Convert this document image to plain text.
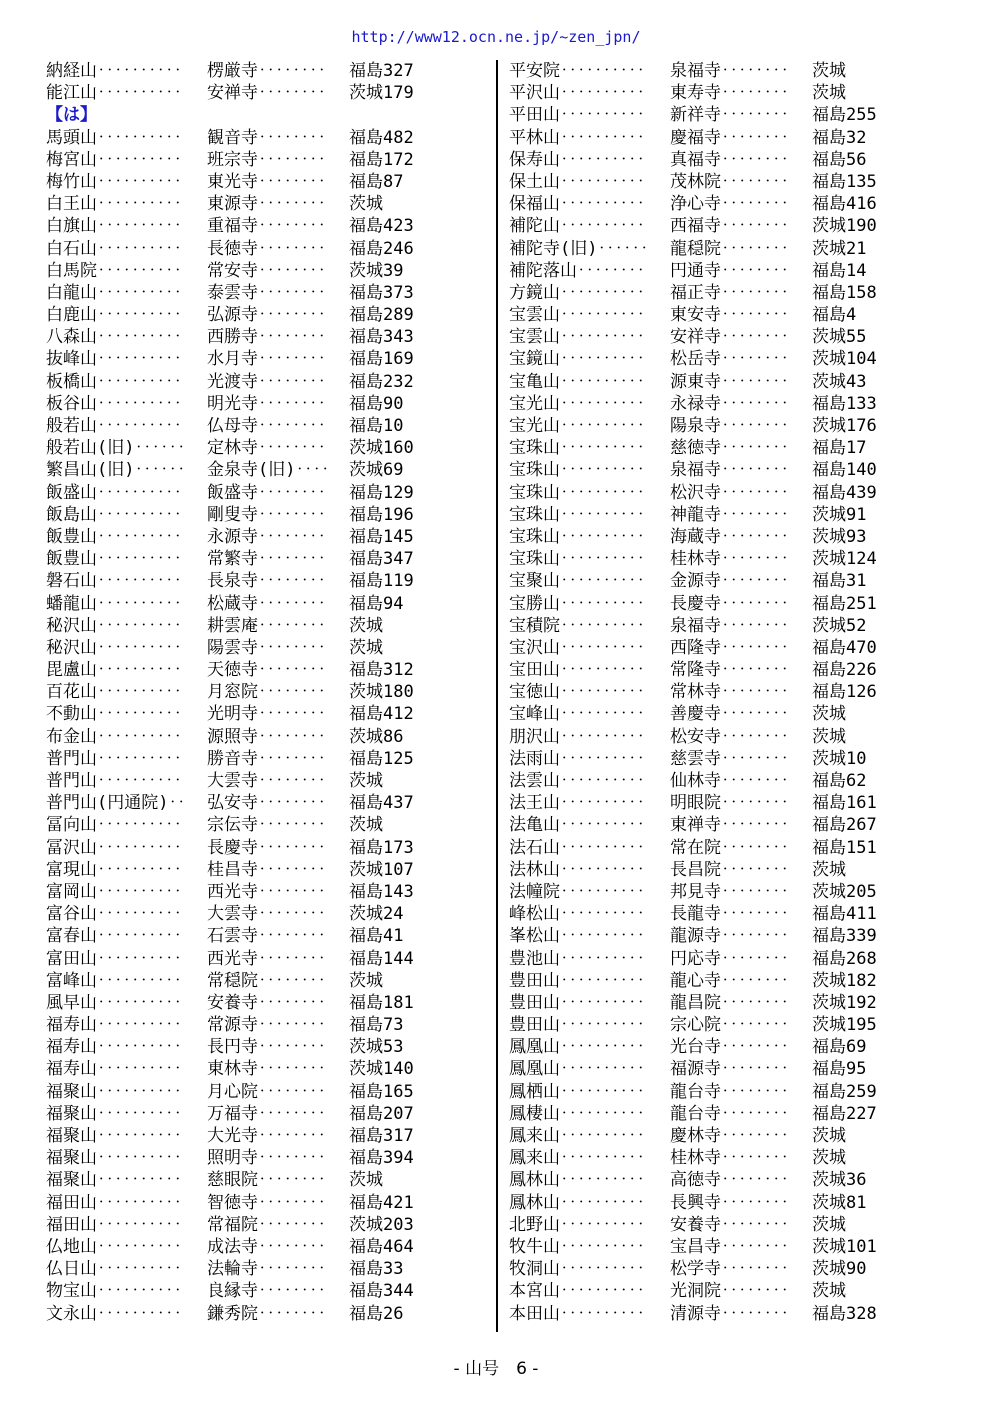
http://www12.ocn.ne.jp/~zen_jpn/
納経山‥‥‥‥‥ 楞厳寺‥‥‥‥ 福島327
能江山‥‥‥‥‥ 安禅寺‥‥‥‥ 茨城179
【は】
馬頭山‥‥‥‥‥ 観音寺‥‥‥‥ 福島482
梅宮山‥‥‥‥‥ 班宗寺‥‥‥‥ 福島172
梅竹山‥‥‥‥‥ 東光寺‥‥‥‥ 福島87
白王山‥‥‥‥‥ 東源寺‥‥‥‥ 茨城
白旗山‥‥‥‥‥ 重福寺‥‥‥‥ 福島423
白石山‥‥‥‥‥ 長徳寺‥‥‥‥ 福島246
白馬院‥‥‥‥‥ 常安寺‥‥‥‥ 茨城39
白龍山‥‥‥‥‥ 泰雲寺‥‥‥‥ 福島373
白鹿山‥‥‥‥‥ 弘源寺‥‥‥‥ 福島289
八森山‥‥‥‥‥ 西勝寺‥‥‥‥ 福島343
抜峰山‥‥‥‥‥ 水月寺‥‥‥‥ 福島169
板橋山‥‥‥‥‥ 光渡寺‥‥‥‥ 福島232
板谷山‥‥‥‥‥ 明光寺‥‥‥‥ 福島90
般若山‥‥‥‥‥ 仏母寺‥‥‥‥ 福島10
般若山(旧)‥‥‥ 定林寺‥‥‥‥ 茨城160
繁昌山(旧)‥‥‥ 金泉寺(旧)‥‥ 茨城69
飯盛山‥‥‥‥‥ 飯盛寺‥‥‥‥ 福島129
飯島山‥‥‥‥‥ 剛叟寺‥‥‥‥ 福島196
飯豊山‥‥‥‥‥ 永源寺‥‥‥‥ 福島145
飯豊山‥‥‥‥‥ 常繁寺‥‥‥‥ 福島347
磐石山‥‥‥‥‥ 長泉寺‥‥‥‥ 福島119
蟠龍山‥‥‥‥‥ 松蔵寺‥‥‥‥ 福島94
秘沢山‥‥‥‥‥ 耕雲庵‥‥‥‥ 茨城
秘沢山‥‥‥‥‥ 陽雲寺‥‥‥‥ 茨城
毘盧山‥‥‥‥‥ 天徳寺‥‥‥‥ 福島312
百花山‥‥‥‥‥ 月窓院‥‥‥‥ 茨城180
不動山‥‥‥‥‥ 光明寺‥‥‥‥ 福島412
布金山‥‥‥‥‥ 源照寺‥‥‥‥ 茨城86
普門山‥‥‥‥‥ 勝音寺‥‥‥‥ 福島125
普門山‥‥‥‥‥ 大雲寺‥‥‥‥ 茨城
普門山(円通院)‥ 弘安寺‥‥‥‥ 福島437
冨向山‥‥‥‥‥ 宗伝寺‥‥‥‥ 茨城
冨沢山‥‥‥‥‥ 長慶寺‥‥‥‥ 福島173
富現山‥‥‥‥‥ 桂昌寺‥‥‥‥ 茨城107
富岡山‥‥‥‥‥ 西光寺‥‥‥‥ 福島143
富谷山‥‥‥‥‥ 大雲寺‥‥‥‥ 茨城24
富春山‥‥‥‥‥ 石雲寺‥‥‥‥ 福島41
富田山‥‥‥‥‥ 西光寺‥‥‥‥ 福島144
富峰山‥‥‥‥‥ 常穏院‥‥‥‥ 茨城
風早山‥‥‥‥‥ 安養寺‥‥‥‥ 福島181
福寿山‥‥‥‥‥ 常源寺‥‥‥‥ 福島73
福寿山‥‥‥‥‥ 長円寺‥‥‥‥ 茨城53
福寿山‥‥‥‥‥ 東林寺‥‥‥‥ 茨城140
福聚山‥‥‥‥‥ 月心院‥‥‥‥ 福島165
福聚山‥‥‥‥‥ 万福寺‥‥‥‥ 福島207
福聚山‥‥‥‥‥ 大光寺‥‥‥‥ 福島317
福聚山‥‥‥‥‥ 照明寺‥‥‥‥ 福島394
福聚山‥‥‥‥‥ 慈眼院‥‥‥‥ 茨城
福田山‥‥‥‥‥ 智徳寺‥‥‥‥ 福島421
福田山‥‥‥‥‥ 常福院‥‥‥‥ 茨城203
仏地山‥‥‥‥‥ 成法寺‥‥‥‥ 福島464
仏日山‥‥‥‥‥ 法輪寺‥‥‥‥ 福島33
物宝山‥‥‥‥‥ 良縁寺‥‥‥‥ 福島344
文永山‥‥‥‥‥ 鎌秀院‥‥‥‥ 福島26
平安院‥‥‥‥‥ 泉福寺‥‥‥‥ 茨城
平沢山‥‥‥‥‥ 東寿寺‥‥‥‥ 茨城
平田山‥‥‥‥‥ 新祥寺‥‥‥‥ 福島255
平林山‥‥‥‥‥ 慶福寺‥‥‥‥ 福島32
保寿山‥‥‥‥‥ 真福寺‥‥‥‥ 福島56
保土山‥‥‥‥‥ 茂林院‥‥‥‥ 福島135
保福山‥‥‥‥‥ 浄心寺‥‥‥‥ 福島416
補陀山‥‥‥‥‥ 西福寺‥‥‥‥ 茨城190
補陀寺(旧)‥‥‥ 龍穏院‥‥‥‥ 茨城21
補陀落山‥‥‥‥ 円通寺‥‥‥‥ 福島14
方鏡山‥‥‥‥‥ 福正寺‥‥‥‥ 福島158
宝雲山‥‥‥‥‥ 東安寺‥‥‥‥ 福島4
宝雲山‥‥‥‥‥ 安祥寺‥‥‥‥ 茨城55
宝鏡山‥‥‥‥‥ 松岳寺‥‥‥‥ 茨城104
宝亀山‥‥‥‥‥ 源東寺‥‥‥‥ 茨城43
宝光山‥‥‥‥‥ 永禄寺‥‥‥‥ 福島133
宝光山‥‥‥‥‥ 陽泉寺‥‥‥‥ 茨城176
宝珠山‥‥‥‥‥ 慈徳寺‥‥‥‥ 福島17
宝珠山‥‥‥‥‥ 泉福寺‥‥‥‥ 福島140
宝珠山‥‥‥‥‥ 松沢寺‥‥‥‥ 福島439
宝珠山‥‥‥‥‥ 神龍寺‥‥‥‥ 茨城91
宝珠山‥‥‥‥‥ 海蔵寺‥‥‥‥ 茨城93
宝珠山‥‥‥‥‥ 桂林寺‥‥‥‥ 茨城124
宝聚山‥‥‥‥‥ 金源寺‥‥‥‥ 福島31
宝勝山‥‥‥‥‥ 長慶寺‥‥‥‥ 福島251
宝積院‥‥‥‥‥ 泉福寺‥‥‥‥ 茨城52
宝沢山‥‥‥‥‥ 西隆寺‥‥‥‥ 福島470
宝田山‥‥‥‥‥ 常隆寺‥‥‥‥ 福島226
宝徳山‥‥‥‥‥ 常林寺‥‥‥‥ 福島126
宝峰山‥‥‥‥‥ 善慶寺‥‥‥‥ 茨城
朋沢山‥‥‥‥‥ 松安寺‥‥‥‥ 茨城
法雨山‥‥‥‥‥ 慈雲寺‥‥‥‥ 茨城10
法雲山‥‥‥‥‥ 仙林寺‥‥‥‥ 福島62
法王山‥‥‥‥‥ 明眼院‥‥‥‥ 福島161
法亀山‥‥‥‥‥ 東禅寺‥‥‥‥ 福島267
法石山‥‥‥‥‥ 常在院‥‥‥‥ 福島151
法林山‥‥‥‥‥ 長昌院‥‥‥‥ 茨城
法幢院‥‥‥‥‥ 邦見寺‥‥‥‥ 茨城205
峰松山‥‥‥‥‥ 長龍寺‥‥‥‥ 福島411
峯松山‥‥‥‥‥ 龍源寺‥‥‥‥ 福島339
豊池山‥‥‥‥‥ 円応寺‥‥‥‥ 福島268
豊田山‥‥‥‥‥ 龍心寺‥‥‥‥ 茨城182
豊田山‥‥‥‥‥ 龍昌院‥‥‥‥ 茨城192
豊田山‥‥‥‥‥ 宗心院‥‥‥‥ 茨城195
鳳凰山‥‥‥‥‥ 光台寺‥‥‥‥ 福島69
鳳凰山‥‥‥‥‥ 福源寺‥‥‥‥ 福島95
鳳栖山‥‥‥‥‥ 龍台寺‥‥‥‥ 福島259
鳳棲山‥‥‥‥‥ 龍台寺‥‥‥‥ 福島227
鳳来山‥‥‥‥‥ 慶林寺‥‥‥‥ 茨城
鳳来山‥‥‥‥‥ 桂林寺‥‥‥‥ 茨城
鳳林山‥‥‥‥‥ 高徳寺‥‥‥‥ 茨城36
鳳林山‥‥‥‥‥ 長興寺‥‥‥‥ 茨城81
北野山‥‥‥‥‥ 安養寺‥‥‥‥ 茨城
牧牛山‥‥‥‥‥ 宝昌寺‥‥‥‥ 茨城101
牧洞山‥‥‥‥‥ 松学寺‥‥‥‥ 茨城90
本宮山‥‥‥‥‥ 光洞院‥‥‥‥ 茨城
本田山‥‥‥‥‥ 清源寺‥‥‥‥ 福島328
- 山号　6 -
